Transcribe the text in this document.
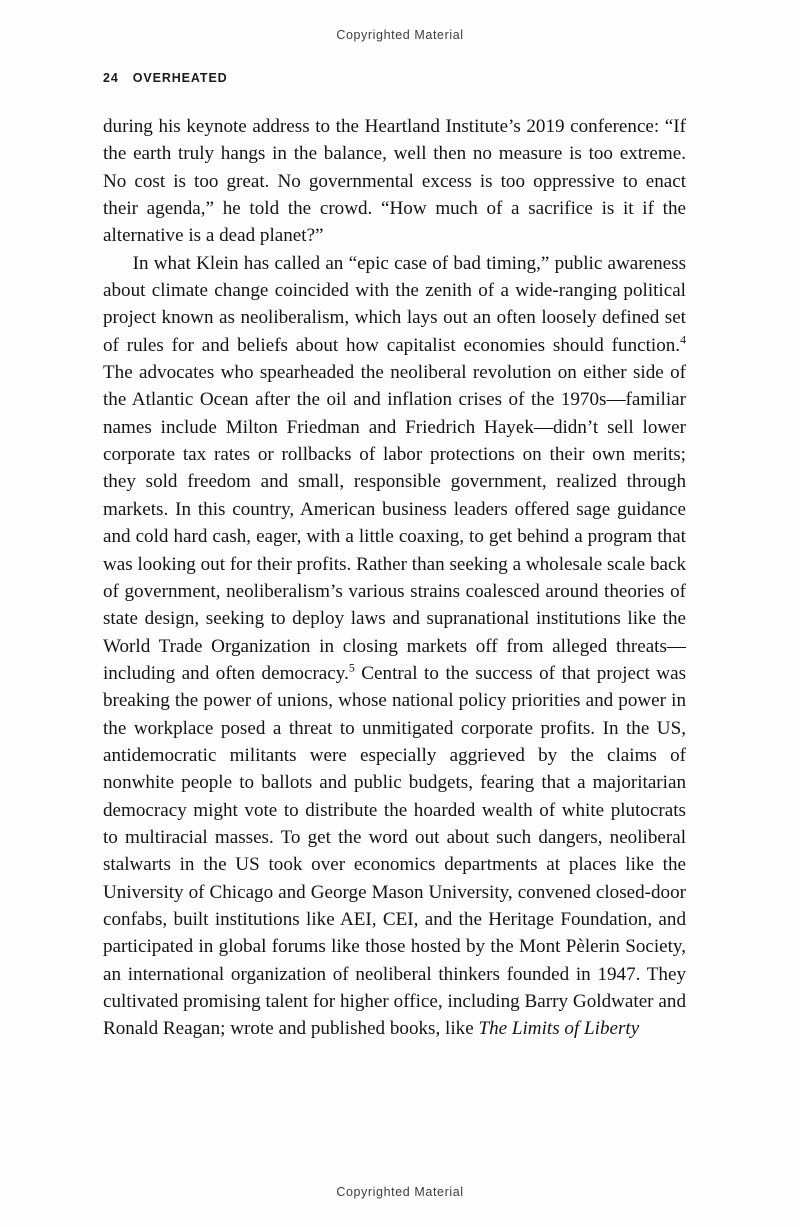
Copyrighted Material
24 OVERHEATED

during his keynote address to the Heartland Institute’s 2019 conference: “If the earth truly hangs in the balance, well then no measure is too extreme. No cost is too great. No governmental excess is too oppressive to enact their agenda,” he told the crowd. “How much of a sacrifice is it if the alternative is a dead planet?”

In what Klein has called an “epic case of bad timing,” public awareness about climate change coincided with the zenith of a wide-ranging political project known as neoliberalism, which lays out an often loosely defined set of rules for and beliefs about how capitalist economies should function.$^4$ The advocates who spearheaded the neoliberal revolution on either side of the Atlantic Ocean after the oil and inflation crises of the 1970s—familiar names include Milton Friedman and Friedrich Hayek—didn’t sell lower corporate tax rates or rollbacks of labor protections on their own merits; they sold freedom and small, responsible government, realized through markets. In this country, American business leaders offered sage guidance and cold hard cash, eager, with a little coaxing, to get behind a program that was looking out for their profits. Rather than seeking a wholesale scale back of government, neoliberalism’s various strains coalesced around theories of state design, seeking to deploy laws and supranational institutions like the World Trade Organization in closing markets off from alleged threats—including and often democracy.$^5$ Central to the success of that project was breaking the power of unions, whose national policy priorities and power in the workplace posed a threat to unmitigated corporate profits. In the US, antidemocratic militants were especially aggrieved by the claims of nonwhite people to ballots and public budgets, fearing that a majoritarian democracy might vote to distribute the hoarded wealth of white plutocrats to multiracial masses. To get the word out about such dangers, neoliberal stalwarts in the US took over economics departments at places like the University of Chicago and George Mason University, convened closed-door confabs, built institutions like AEI, CEI, and the Heritage Foundation, and participated in global forums like those hosted by the Mont Pèlerin Society, an international organization of neoliberal thinkers founded in 1947. They cultivated promising talent for higher office, including Barry Goldwater and Ronald Reagan; wrote and published books, like The Limits of Liberty

Copyrighted Material
